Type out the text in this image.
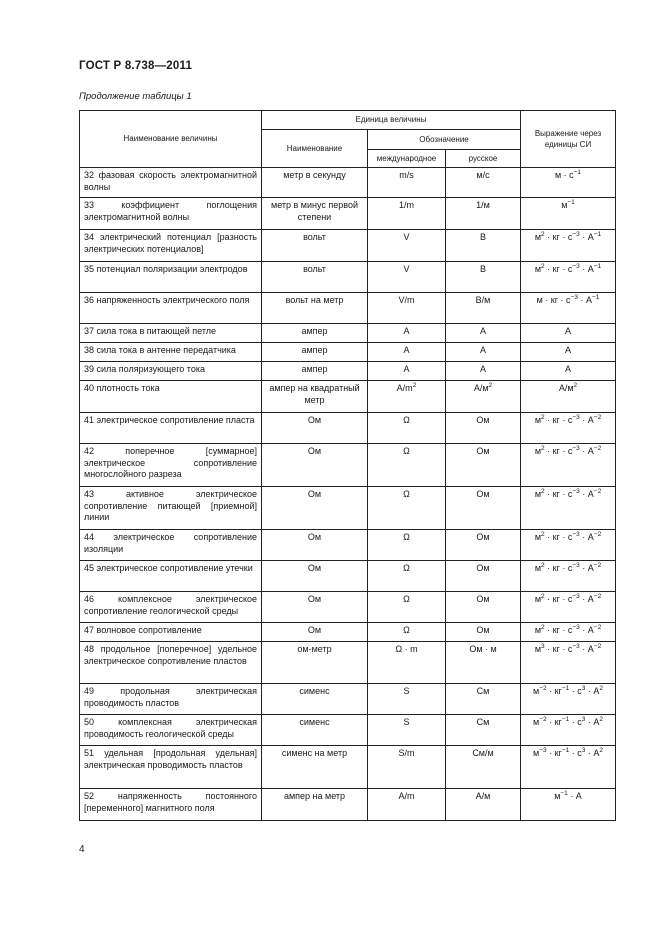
ГОСТ Р 8.738—2011
Продолжение таблицы 1
Наименование величины	Единица величины			Выражение через единицы СИ
	Наименование	Обозначение		
		международное	русское	
32 фазовая скорость электромагнитной волны	метр в секунду	m/s	м/с	$м \cdot с^{-1}$
33 коэффициент поглощения электромагнитной волны	метр в минус первой степени	1/m	1/м	$м^{-1}$
34 электрический потенциал [разность электрических потенциалов]	вольт	V	В	$м^2$ · кг · $с^{-3} \cdot А^{-1}$
35 потенциал поляризации электродов	вольт	V	В	$м^2$ · кг · $с^{-3} \cdot А^{-1}$
36 напряженность электрического поля	вольт на метр	V/m	В/м	м · кг · $с^{-3} \cdot А^{-1}$
37 сила тока в питающей петле	ампер	A	А	А
38 сила тока в антенне передатчика	ампер	A	А	А
39 сила поляризующего тока	ампер	A	А	А
40 плотность тока	ампер на квадратный метр	$A/m^2$	$А/м^2$	$А/м^2$
41 электрическое сопротивление пласта	Ом	Ω	Ом	$м^2$ · кг · $с^{-3} \cdot А^{-2}$
42 поперечное [суммарное] электрическое сопротивление многослойного разреза	Ом	Ω	Ом	$м^2$ · кг · $с^{-3} \cdot А^{-2}$
43 активное электрическое сопротивление питающей [приемной] линии	Ом	Ω	Ом	$м^2$ · кг · $с^{-3} \cdot А^{-2}$
44 электрическое сопротивление изоляции	Ом	Ω	Ом	$м^2$ · кг · $с^{-3} \cdot А^{-2}$
45 электрическое сопротивление утечки	Ом	Ω	Ом	$м^2$ · кг · $с^{-3} \cdot А^{-2}$
46 комплексное электрическое сопротивление геологической среды	Ом	Ω	Ом	$м^2$ · кг · $с^{-3} \cdot А^{-2}$
47 волновое сопротивление	Ом	Ω	Ом	$м^2$ · кг · $с^{-3} \cdot А^{-2}$
48 продольное [поперечное] удельное электрическое сопротивление пластов	ом-метр	Ω · m	Ом · м	$м^3$ · кг · $с^{-3} \cdot А^{-2}$
49 продольная электрическая проводимость пластов	сименс	S	См	$м^{-2} \cdot кг^{-1} \cdot с^3 \cdot А^2$
50 комплексная электрическая проводимость геологической среды	сименс	S	См	$м^{-2} \cdot кг^{-1} \cdot с^3 \cdot А^2$
51 удельная [продольная удельная] электрическая проводимость пластов	сименс на метр	S/m	См/м	$м^{-3} \cdot кг^{-1} \cdot с^3 \cdot А^2$
52 напряженность постоянного [переменного] магнитного поля	ампер на метр	A/m	А/м	$м^{-1} \cdot А$
4
